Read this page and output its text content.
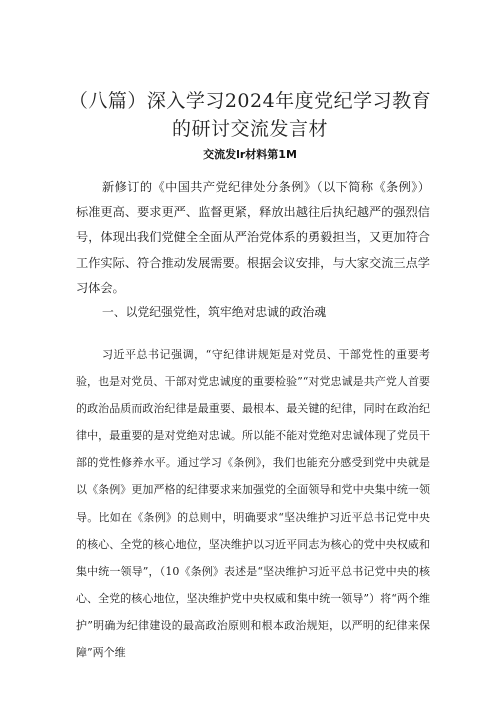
（八篇）深入学习2024年度党纪学习教育
的研讨交流发言材
交流发lr材料第1M

新修订的《中国共产党纪律处分条例》（以下简称《条例》）标准更高、要求更严、监督更紧，释放出越往后执纪越严的强烈信号，体现出我们党健全全面从严治党体系的勇毅担当，又更加符合工作实际、符合推动发展需要。根据会议安排，与大家交流三点学习体会。

一、以党纪强党性，筑牢绝对忠诚的政治魂

习近平总书记强调，“守纪律讲规矩是对党员、干部党性的重要考验，也是对党员、干部对党忠诚度的重要检验”“对党忠诚是共产党人首要的政治品质而政治纪律是最重要、最根本、最关键的纪律，同时在政治纪律中，最重要的是对党绝对忠诚。所以能不能对党绝对忠诚体现了党员干部的党性修养水平。通过学习《条例》，我们也能充分感受到党中央就是以《条例》更加严格的纪律要求来加强党的全面领导和党中央集中统一领导。比如在《条例》的总则中，明确要求“坚决维护习近平总书记党中央的核心、全党的核心地位，坚决维护以习近平同志为核心的党中央权威和集中统一领导”，（10《条例》表述是“坚决维护习近平总书记党中央的核心、全党的核心地位，坚决维护党中央权威和集中统一领导”）将“两个维护”明确为纪律建设的最高政治原则和根本政治规矩，以严明的纪律来保障”两个维
